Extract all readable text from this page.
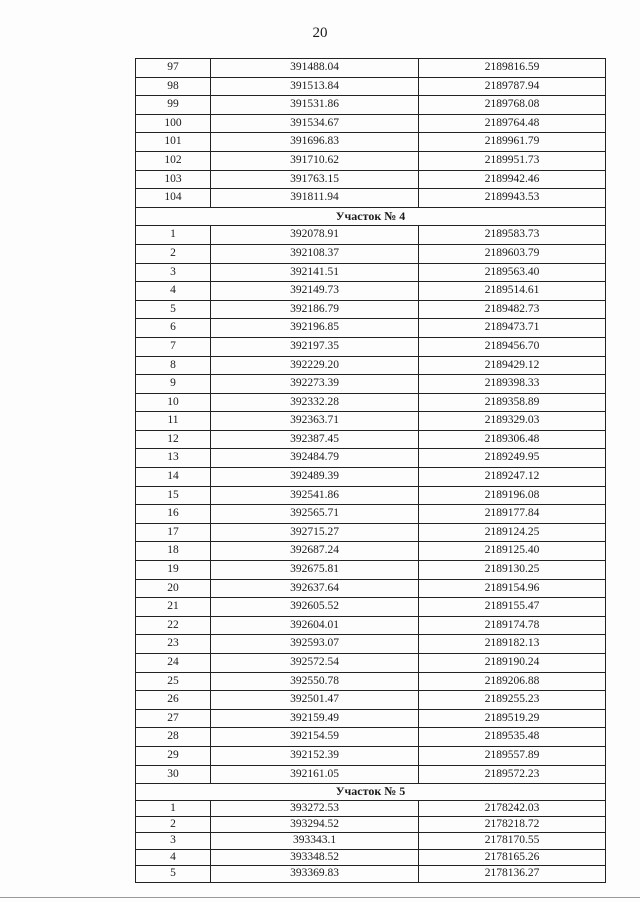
20
97	391488.04	2189816.59
98	391513.84	2189787.94
99	391531.86	2189768.08
100	391534.67	2189764.48
101	391696.83	2189961.79
102	391710.62	2189951.73
103	391763.15	2189942.46
104	391811.94	2189943.53
Участок № 4		
1	392078.91	2189583.73
2	392108.37	2189603.79
3	392141.51	2189563.40
4	392149.73	2189514.61
5	392186.79	2189482.73
6	392196.85	2189473.71
7	392197.35	2189456.70
8	392229.20	2189429.12
9	392273.39	2189398.33
10	392332.28	2189358.89
11	392363.71	2189329.03
12	392387.45	2189306.48
13	392484.79	2189249.95
14	392489.39	2189247.12
15	392541.86	2189196.08
16	392565.71	2189177.84
17	392715.27	2189124.25
18	392687.24	2189125.40
19	392675.81	2189130.25
20	392637.64	2189154.96
21	392605.52	2189155.47
22	392604.01	2189174.78
23	392593.07	2189182.13
24	392572.54	2189190.24
25	392550.78	2189206.88
26	392501.47	2189255.23
27	392159.49	2189519.29
28	392154.59	2189535.48
29	392152.39	2189557.89
30	392161.05	2189572.23
Участок № 5		
1	393272.53	2178242.03
2	393294.52	2178218.72
3	393343.1	2178170.55
4	393348.52	2178165.26
5	393369.83	2178136.27
